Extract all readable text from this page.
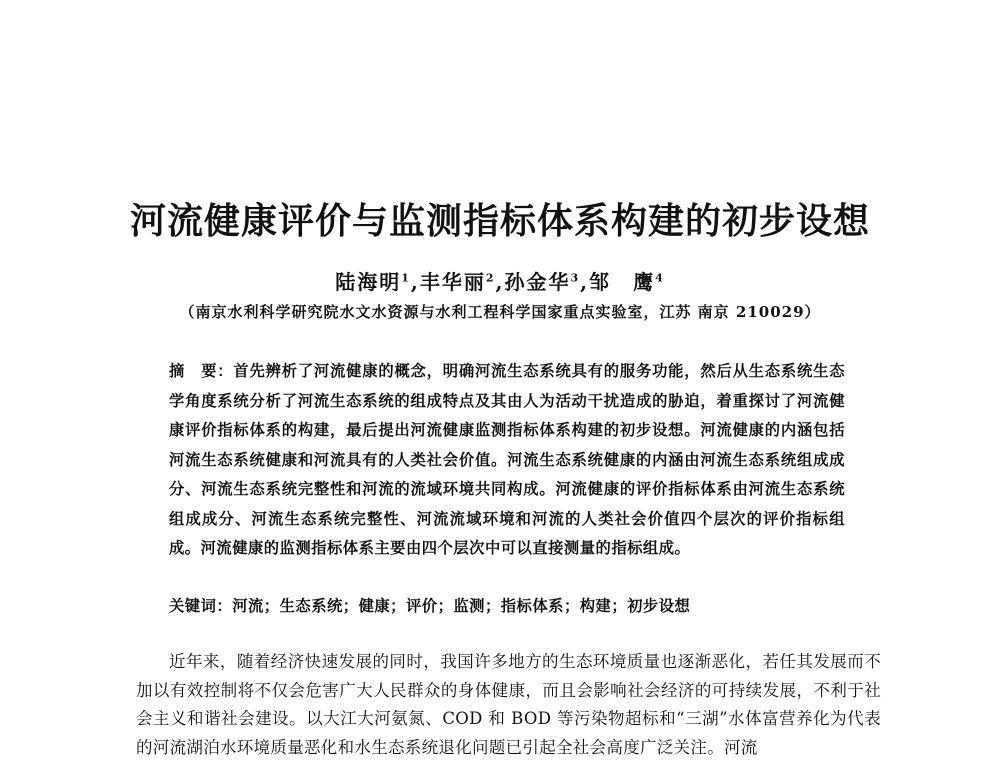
河流健康评价与监测指标体系构建的初步设想
陆海明$^1$,丰华丽$^2$,孙金华$^3$,邹　鹰$^4$
（南京水利科学研究院水文水资源与水利工程科学国家重点实验室，江苏 南京 210029）
摘　要：首先辨析了河流健康的概念，明确河流生态系统具有的服务功能，然后从生态系统生态学角度系统分析了河流生态系统的组成特点及其由人为活动干扰造成的胁迫，着重探讨了河流健康评价指标体系的构建，最后提出河流健康监测指标体系构建的初步设想。河流健康的内涵包括河流生态系统健康和河流具有的人类社会价值。河流生态系统健康的内涵由河流生态系统组成成分、河流生态系统完整性和河流的流域环境共同构成。河流健康的评价指标体系由河流生态系统组成成分、河流生态系统完整性、河流流域环境和河流的人类社会价值四个层次的评价指标组成。河流健康的监测指标体系主要由四个层次中可以直接测量的指标组成。
关键词：河流；生态系统；健康；评价；监测；指标体系；构建；初步设想
近年来，随着经济快速发展的同时，我国许多地方的生态环境质量也逐渐恶化，若任其发展而不加以有效控制将不仅会危害广大人民群众的身体健康，而且会影响社会经济的可持续发展，不利于社会主义和谐社会建设。以大江大河氨氮、COD 和 BOD 等污染物超标和“三湖”水体富营养化为代表的河流湖泊水环境质量恶化和水生态系统退化问题已引起全社会高度广泛关注。河流
